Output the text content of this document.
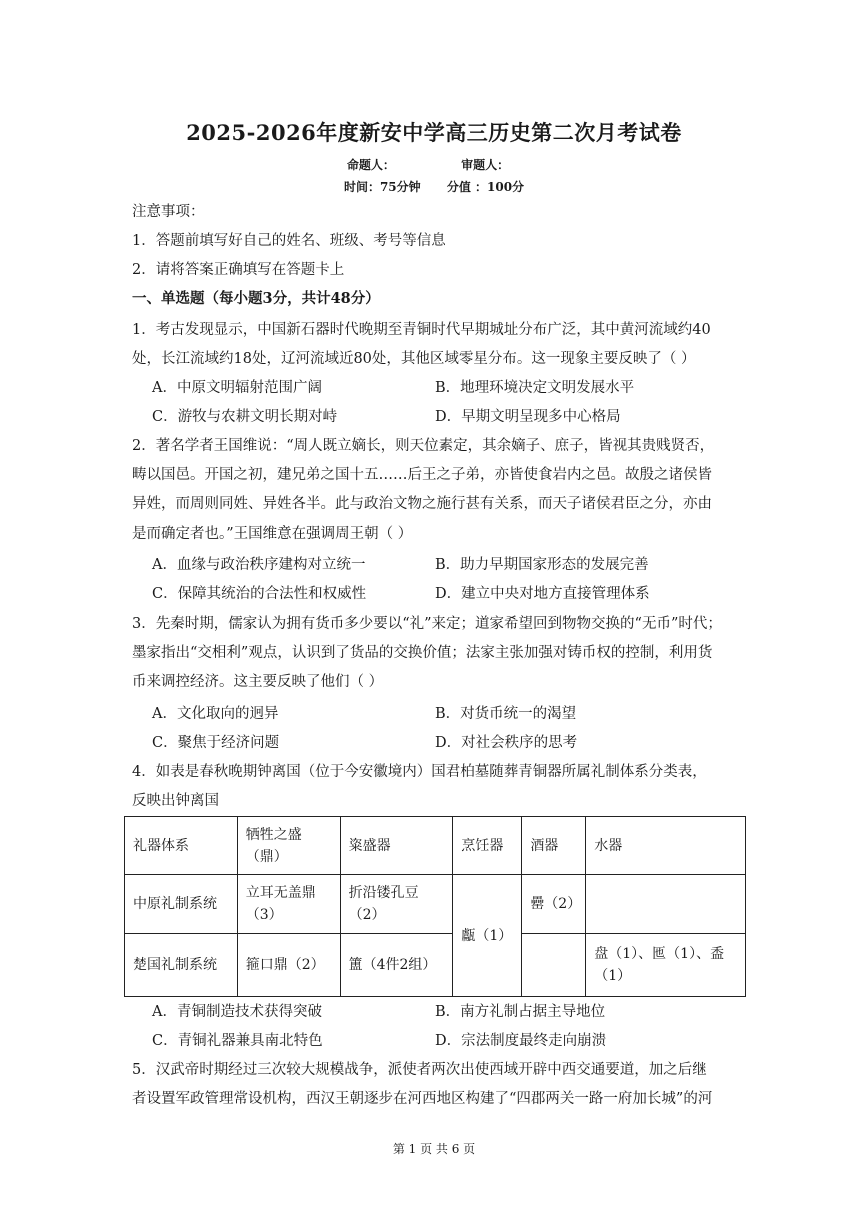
2025-2026年度新安中学高三历史第二次月考试卷
命题人：	审题人：
时间：75分钟 分值 ：100分
注意事项：
1．答题前填写好自己的姓名、班级、考号等信息
2．请将答案正确填写在答题卡上
一、单选题（每小题3分，共计48分）
1．考古发现显示，中国新石器时代晚期至青铜时代早期城址分布广泛，其中黄河流域约40
处，长江流域约18处，辽河流域近80处，其他区域零星分布。这一现象主要反映了（ ）
A．中原文明辐射范围广阔	B．地理环境决定文明发展水平
C．游牧与农耕文明长期对峙	D．早期文明呈现多中心格局
2．著名学者王国维说：“周人既立嫡长，则天位素定，其余嫡子、庶子，皆视其贵贱贤否，
畴以国邑。开国之初，建兄弟之国十五……后王之子弟，亦皆使食岩内之邑。故殷之诸侯皆
异姓，而周则同姓、异姓各半。此与政治文物之施行甚有关系，而天子诸侯君臣之分，亦由
是而确定者也。”王国维意在强调周王朝（ ）
A．血缘与政治秩序建构对立统一	B．助力早期国家形态的发展完善
C．保障其统治的合法性和权威性	D．建立中央对地方直接管理体系
3．先秦时期，儒家认为拥有货币多少要以“礼”来定；道家希望回到物物交换的“无币”时代；
墨家指出“交相利”观点，认识到了货品的交换价值；法家主张加强对铸币权的控制，利用货
币来调控经济。这主要反映了他们（ ）
A．文化取向的迥异	B．对货币统一的渴望
C．聚焦于经济问题	D．对社会秩序的思考
4．如表是春秋晚期钟离国（位于今安徽境内）国君柏墓随葬青铜器所属礼制体系分类表，
反映出钟离国
礼器体系	牺牲之盛（鼎）	粢盛器	烹饪器	酒器	水器
中原礼制系统	立耳无盖鼎（3）	折沿镂孔豆（2）	甗（1）	罍（2）	
楚国礼制系统	箍口鼎（2）	簠（4件2组）			盘（1）、匜（1）、盉（1）
A．青铜制造技术获得突破	B．南方礼制占据主导地位
C．青铜礼器兼具南北特色	D．宗法制度最终走向崩溃
5．汉武帝时期经过三次较大规模战争，派使者两次出使西域开辟中西交通要道，加之后继
者设置军政管理常设机构，西汉王朝逐步在河西地区构建了“四郡两关一路一府加长城”的河
第 1 页 共 6 页
